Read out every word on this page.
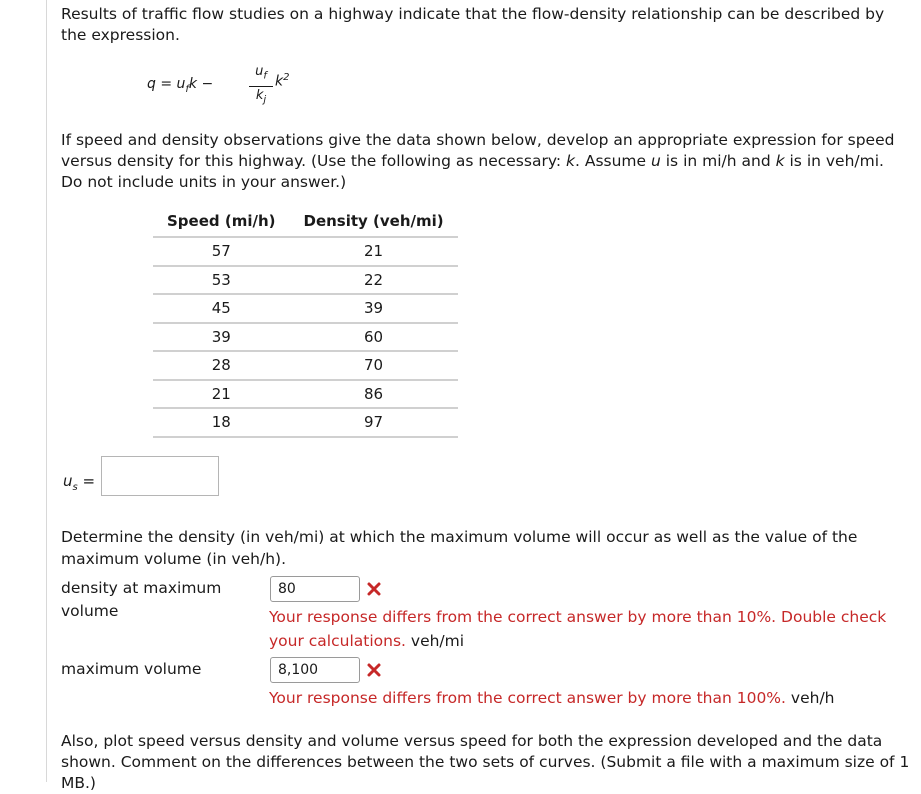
Results of traffic flow studies on a highway indicate that the flow-density relationship can be described by the expression.

$q = u_fk$ −
$u_f$
$k_j$
$k^2$

If speed and density observations give the data shown below, develop an appropriate expression for speed
versus density for this highway. (Use the following as necessary: k. Assume u is in mi/h and k is in veh/mi.
Do not include units in your answer.)

Speed (mi/h)	Density (veh/mi)
57	21
53	22
45	39
39	60
28	70
21	86
18	97
$u_s$ =

Determine the density (in veh/mi) at which the maximum volume will occur as well as the value of the maximum volume (in veh/h).

density at maximum
volume
80
Your response differs from the correct answer by more than 10%. Double check
your calculations. veh/mi
maximum volume	8,100
Your response differs from the correct answer by more than 100%. veh/h

Also, plot speed versus density and volume versus speed for both the expression developed and the data shown. Comment on the differences between the two sets of curves. (Submit a file with a maximum size of 1 MB.)
